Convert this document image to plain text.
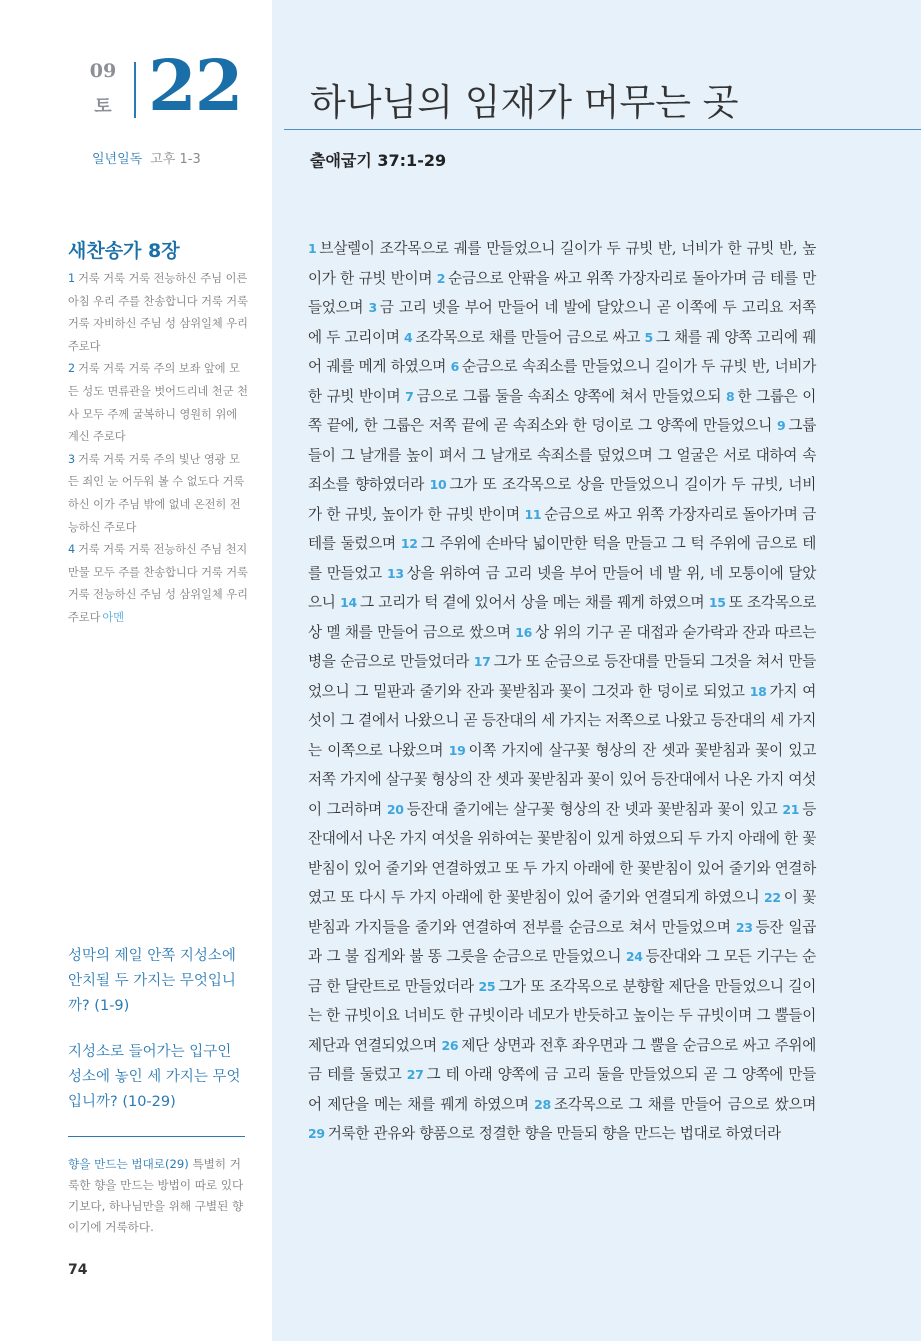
09
토 22 하나님의 임재가 머무는 곳
일년일독 고후 1-3	출애굽기 37:1-29
새찬송가 8장

1 거룩 거룩 거룩 전능하신 주님 이른 아침 우리 주를 찬송합니다 거룩 거룩 거룩 자비하신 주님 성 삼위일체 우리 주로다

2 거룩 거룩 거룩 주의 보좌 앞에 모든 성도 면류관을 벗어드리네 천군 천사 모두 주께 굴복하니 영원히 위에 계신 주로다

3 거룩 거룩 거룩 주의 빛난 영광 모든 죄인 눈 어두워 볼 수 없도다 거룩하신 이가 주님 밖에 없네 온전히 전능하신 주로다

4 거룩 거룩 거룩 전능하신 주님 천지 만물 모두 주를 찬송합니다 거룩 거룩 거룩 전능하신 주님 성 삼위일체 우리 주로다 아멘

성막의 제일 안쪽 지성소에 안치될 두 가지는 무엇입니까? (1-9)
지성소로 들어가는 입구인 성소에 놓인 세 가지는 무엇입니까? (10-29)
향을 만드는 법대로(29) 특별히 거룩한 향을 만드는 방법이 따로 있다기보다, 하나님만을 위해 구별된 향이기에 거룩하다.
74
1 브살렐이 조각목으로 궤를 만들었으니 길이가 두 규빗 반, 너비가 한 규빗 반, 높이가 한 규빗 반이며 2 순금으로 안팎을 싸고 위쪽 가장자리로 돌아가며 금 테를 만들었으며 3 금 고리 넷을 부어 만들어 네 발에 달았으니 곧 이쪽에 두 고리요 저쪽에 두 고리이며 4 조각목으로 채를 만들어 금으로 싸고 5 그 채를 궤 양쪽 고리에 꿰어 궤를 메게 하였으며 6 순금으로 속죄소를 만들었으니 길이가 두 규빗 반, 너비가 한 규빗 반이며 7 금으로 그룹 둘을 속죄소 양쪽에 쳐서 만들었으되 8 한 그룹은 이쪽 끝에, 한 그룹은 저쪽 끝에 곧 속죄소와 한 덩이로 그 양쪽에 만들었으니 9 그룹들이 그 날개를 높이 펴서 그 날개로 속죄소를 덮었으며 그 얼굴은 서로 대하여 속죄소를 향하였더라 10 그가 또 조각목으로 상을 만들었으니 길이가 두 규빗, 너비가 한 규빗, 높이가 한 규빗 반이며 11 순금으로 싸고 위쪽 가장자리로 돌아가며 금 테를 둘렀으며 12 그 주위에 손바닥 넓이만한 턱을 만들고 그 턱 주위에 금으로 테를 만들었고 13 상을 위하여 금 고리 넷을 부어 만들어 네 발 위, 네 모퉁이에 달았으니 14 그 고리가 턱 곁에 있어서 상을 메는 채를 꿰게 하였으며 15 또 조각목으로 상 멜 채를 만들어 금으로 쌌으며 16 상 위의 기구 곧 대접과 숟가락과 잔과 따르는 병을 순금으로 만들었더라 17 그가 또 순금으로 등잔대를 만들되 그것을 쳐서 만들었으니 그 밑판과 줄기와 잔과 꽃받침과 꽃이 그것과 한 덩이로 되었고 18 가지 여섯이 그 곁에서 나왔으니 곧 등잔대의 세 가지는 저쪽으로 나왔고 등잔대의 세 가지는 이쪽으로 나왔으며 19 이쪽 가지에 살구꽃 형상의 잔 셋과 꽃받침과 꽃이 있고 저쪽 가지에 살구꽃 형상의 잔 셋과 꽃받침과 꽃이 있어 등잔대에서 나온 가지 여섯이 그러하며 20 등잔대 줄기에는 살구꽃 형상의 잔 넷과 꽃받침과 꽃이 있고 21 등잔대에서 나온 가지 여섯을 위하여는 꽃받침이 있게 하였으되 두 가지 아래에 한 꽃받침이 있어 줄기와 연결하였고 또 두 가지 아래에 한 꽃받침이 있어 줄기와 연결하였고 또 다시 두 가지 아래에 한 꽃받침이 있어 줄기와 연결되게 하였으니 22 이 꽃받침과 가지들을 줄기와 연결하여 전부를 순금으로 쳐서 만들었으며 23 등잔 일곱과 그 불 집게와 불 똥 그릇을 순금으로 만들었으니 24 등잔대와 그 모든 기구는 순금 한 달란트로 만들었더라 25 그가 또 조각목으로 분향할 제단을 만들었으니 길이는 한 규빗이요 너비도 한 규빗이라 네모가 반듯하고 높이는 두 규빗이며 그 뿔들이 제단과 연결되었으며 26 제단 상면과 전후 좌우면과 그 뿔을 순금으로 싸고 주위에 금 테를 둘렀고 27 그 테 아래 양쪽에 금 고리 둘을 만들었으되 곧 그 양쪽에 만들어 제단을 메는 채를 꿰게 하였으며 28 조각목으로 그 채를 만들어 금으로 쌌으며 29 거룩한 관유와 향품으로 정결한 향을 만들되 향을 만드는 법대로 하였더라
